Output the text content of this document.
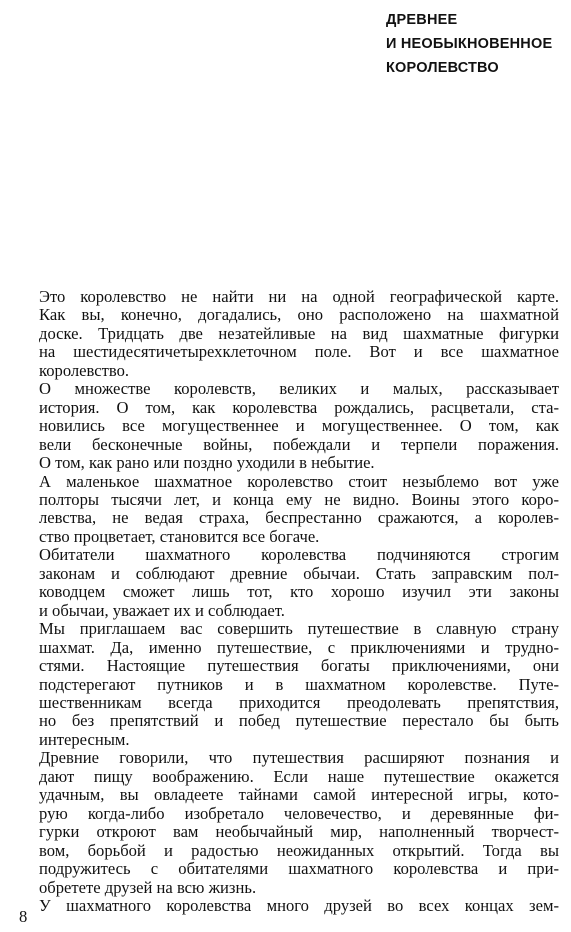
ДРЕВНЕЕ
И НЕОБЫКНОВЕННОЕ
КОРОЛЕВСТВО
Это королевство не найти ни на одной географической карте.
Как вы, конечно, догадались, оно расположено на шахматной
доске. Тридцать две незатейливые на вид шахматные фигурки
на шестидесятичетырехклеточном поле. Вот и все шахматное
королевство.
О множестве королевств, великих и малых, рассказывает
история. О том, как королевства рождались, расцветали, ста-
новились все могущественнее и могущественнее. О том, как
вели бесконечные войны, побеждали и терпели поражения.
О том, как рано или поздно уходили в небытие.
А маленькое шахматное королевство стоит незыблемо вот уже
полторы тысячи лет, и конца ему не видно. Воины этого коро-
левства, не ведая страха, беспрестанно сражаются, а королев-
ство процветает, становится все богаче.
Обитатели шахматного королевства подчиняются строгим
законам и соблюдают древние обычаи. Стать заправским пол-
ководцем сможет лишь тот, кто хорошо изучил эти законы
и обычаи, уважает их и соблюдает.
Мы приглашаем вас совершить путешествие в славную страну
шахмат. Да, именно путешествие, с приключениями и трудно-
стями. Настоящие путешествия богаты приключениями, они
подстерегают путников и в шахматном королевстве. Путе-
шественникам всегда приходится преодолевать препятствия,
но без препятствий и побед путешествие перестало бы быть
интересным.
Древние говорили, что путешествия расширяют познания и
дают пищу воображению. Если наше путешествие окажется
удачным, вы овладеете тайнами самой интересной игры, кото-
рую когда-либо изобретало человечество, и деревянные фи-
гурки откроют вам необычайный мир, наполненный творчест-
вом, борьбой и радостью неожиданных открытий. Тогда вы
подружитесь с обитателями шахматного королевства и при-
обретете друзей на всю жизнь.
У шахматного королевства много друзей во всех концах зем-
8
